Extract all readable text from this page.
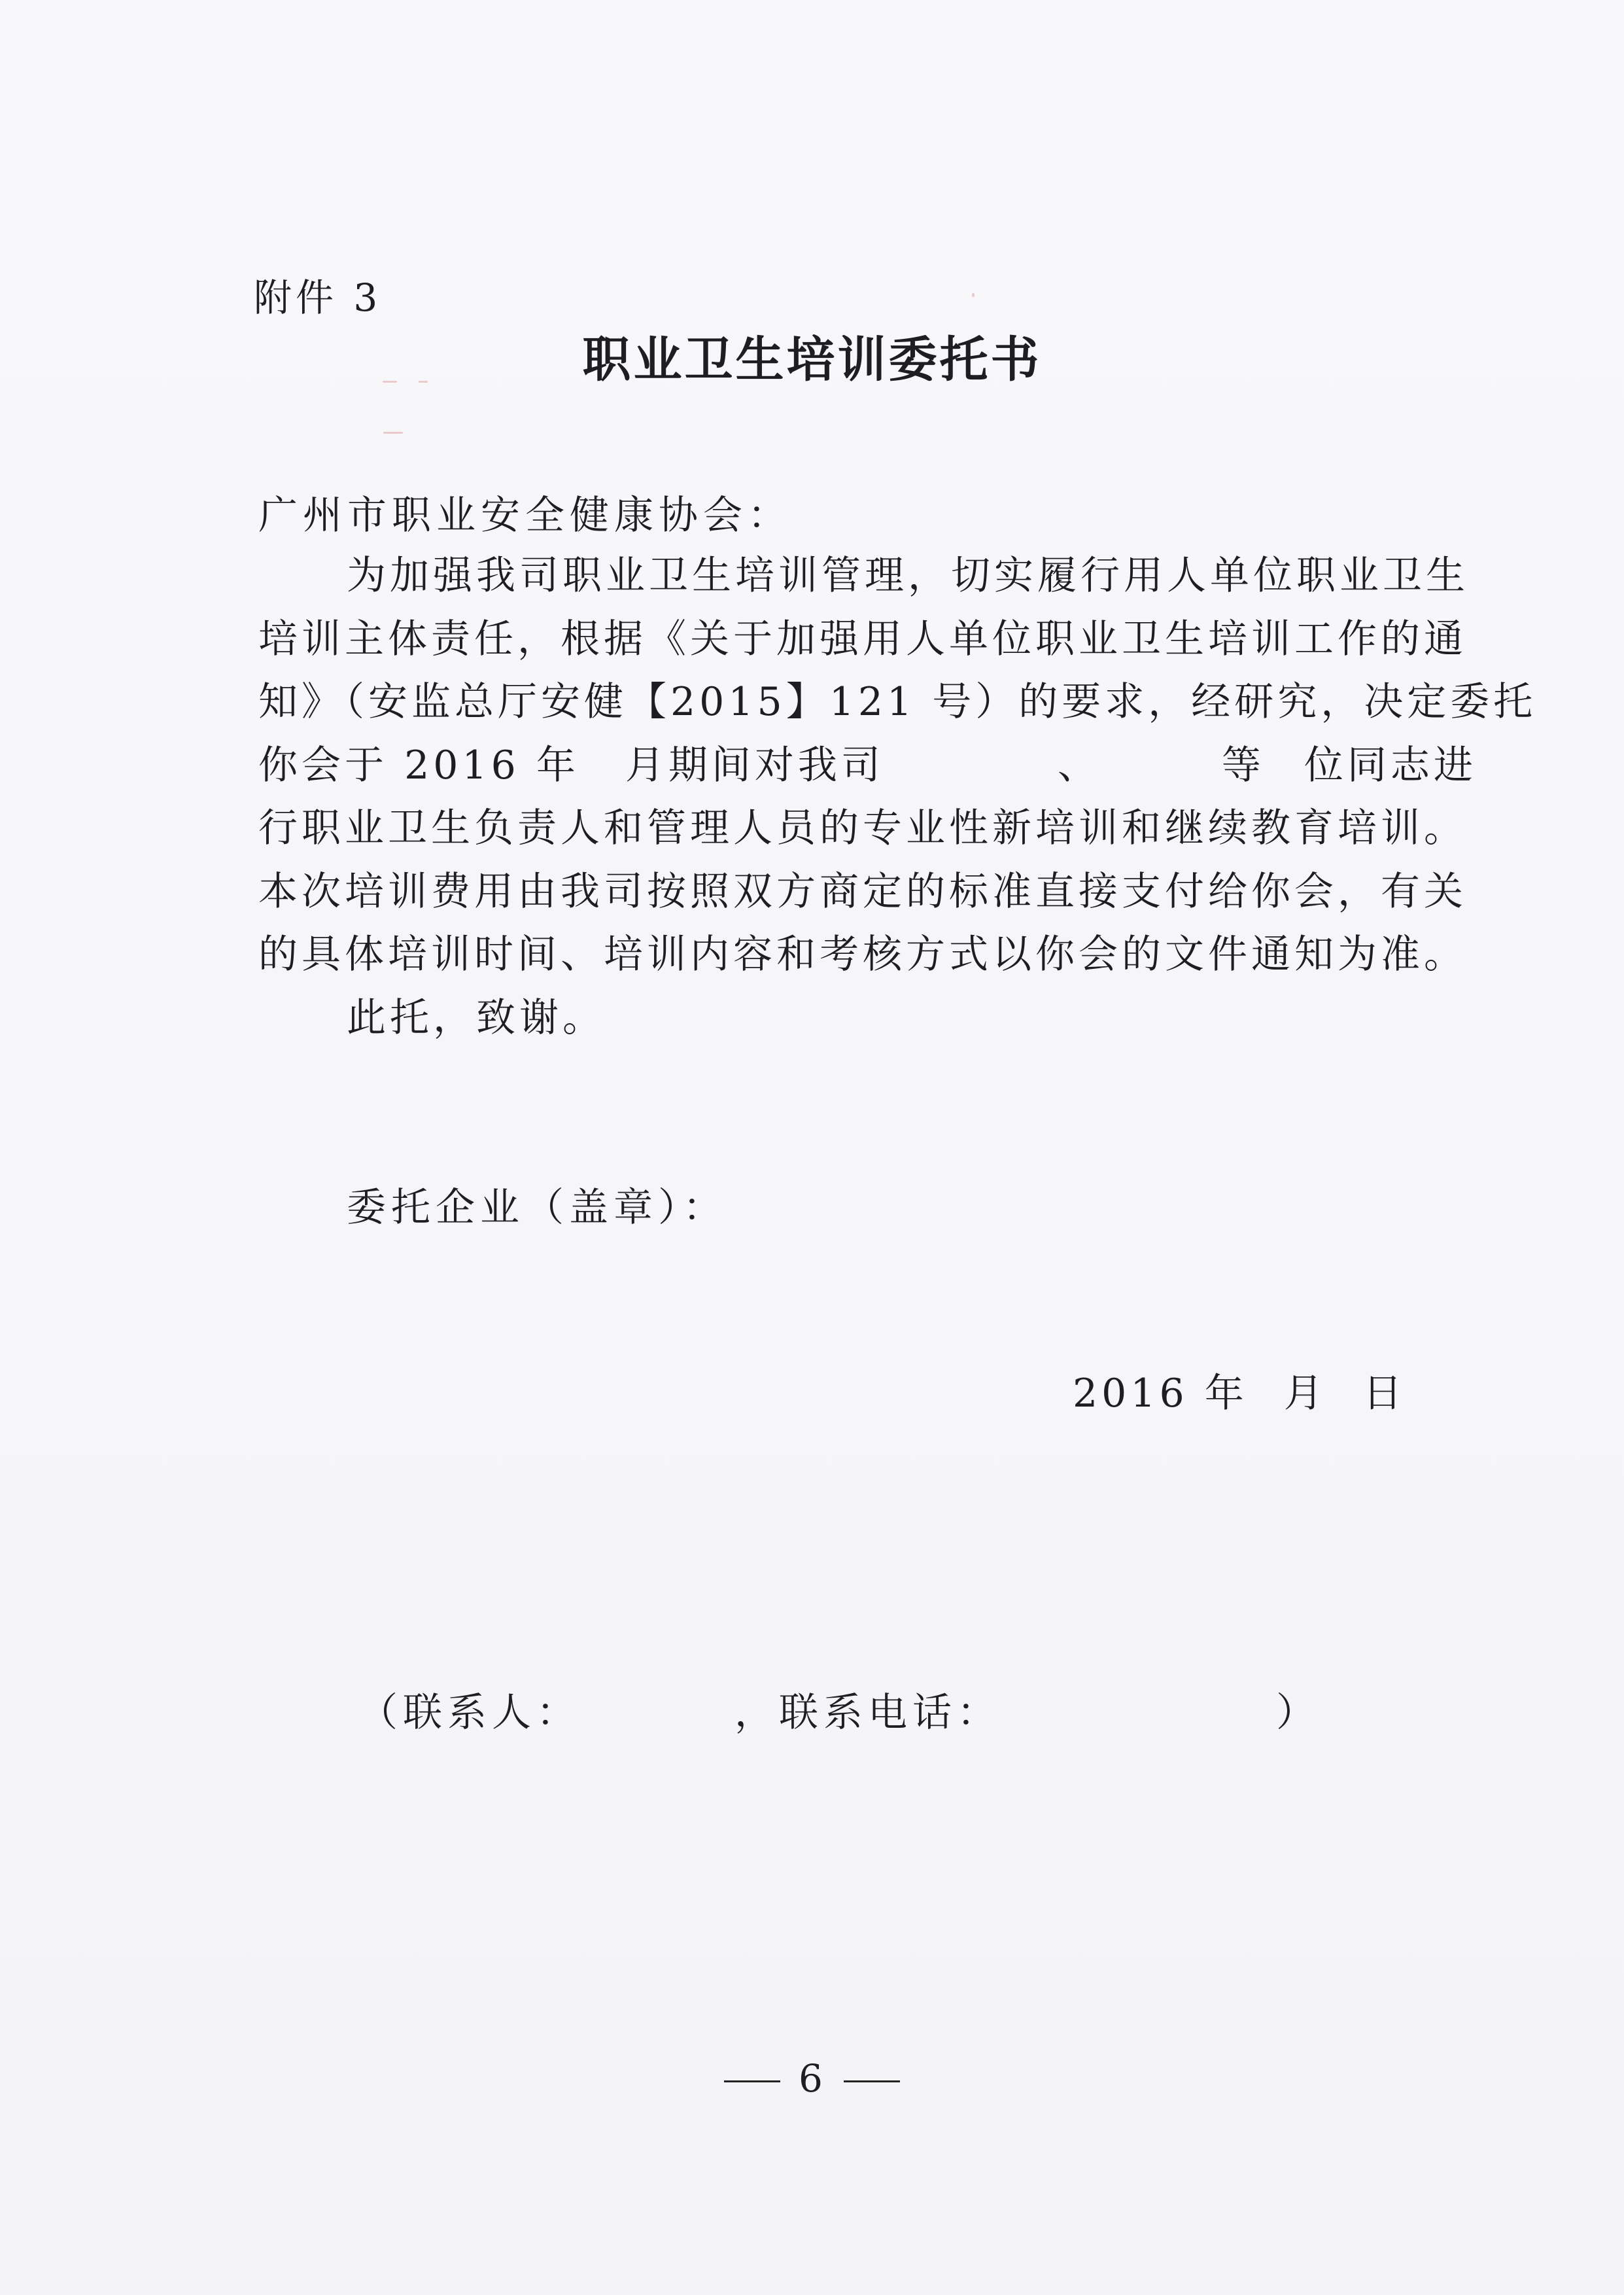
附件 3
职业卫生培训委托书
广州市职业安全健康协会：
为加强我司职业卫生培训管理，切实履行用人单位职业卫生
培训主体责任，根据《关于加强用人单位职业卫生培训工作的通
知》（安监总厅安健【2015】121 号）的要求，经研究，决定委托
你会于 2016 年 月期间对我司	、	等 位同志进
行职业卫生负责人和管理人员的专业性新培训和继续教育培训。
本次培训费用由我司按照双方商定的标准直接支付给你会，有关
的具体培训时间、培训内容和考核方式以你会的文件通知为准。
此托，致谢。
委托企业（盖章）：
2016 年 月 日
（联系人：	，联系电话：	）
6
